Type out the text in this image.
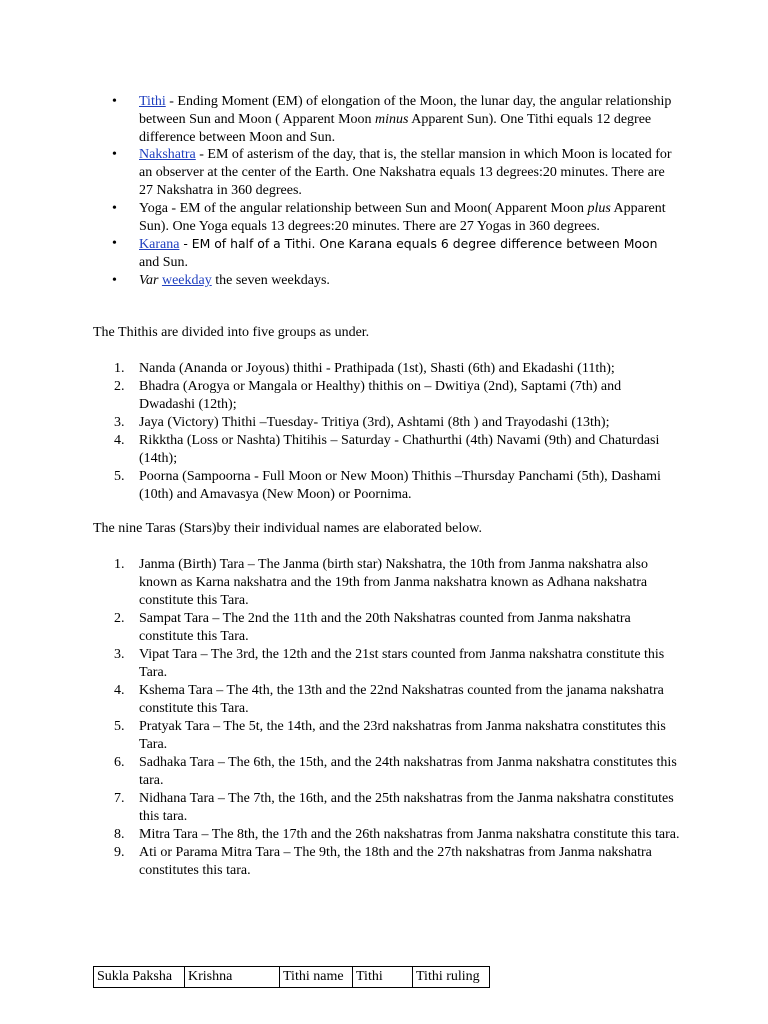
• Tithi - Ending Moment (EM) of elongation of the Moon, the lunar day, the angular relationship between Sun and Moon ( Apparent Moon minus Apparent Sun). One Tithi equals 12 degree difference between Moon and Sun.
• Nakshatra - EM of asterism of the day, that is, the stellar mansion in which Moon is located for an observer at the center of the Earth. One Nakshatra equals 13 degrees:20 minutes. There are 27 Nakshatra in 360 degrees.
• Yoga - EM of the angular relationship between Sun and Moon( Apparent Moon plus Apparent Sun). One Yoga equals 13 degrees:20 minutes. There are 27 Yogas in 360 degrees.
• Karana - EM of half of a Tithi. One Karana equals 6 degree difference between Moon
and Sun.
• Var weekday the seven weekdays.

The Thithis are divided into five groups as under.

1. Nanda (Ananda or Joyous) thithi - Prathipada (1st), Shasti (6th) and Ekadashi (11th);
2. Bhadra (Arogya or Mangala or Healthy) thithis on – Dwitiya (2nd), Saptami (7th) and Dwadashi (12th);
3. Jaya (Victory) Thithi –Tuesday- Tritiya (3rd), Ashtami (8th ) and Trayodashi (13th);
4. Rikktha (Loss or Nashta) Thitihis – Saturday - Chathurthi (4th) Navami (9th) and Chaturdasi (14th);
5. Poorna (Sampoorna - Full Moon or New Moon) Thithis –Thursday Panchami (5th), Dashami (10th) and Amavasya (New Moon) or Poornima.

The nine Taras (Stars)by their individual names are elaborated below.

1. Janma (Birth) Tara – The Janma (birth star) Nakshatra, the 10th from Janma nakshatra also known as Karna nakshatra and the 19th from Janma nakshatra known as Adhana nakshatra constitute this Tara.
2. Sampat Tara – The 2nd the 11th and the 20th Nakshatras counted from Janma nakshatra constitute this Tara.
3. Vipat Tara – The 3rd, the 12th and the 21st stars counted from Janma nakshatra constitute this Tara.
4. Kshema Tara – The 4th, the 13th and the 22nd Nakshatras counted from the janama nakshatra constitute this Tara.
5. Pratyak Tara – The 5t, the 14th, and the 23rd nakshatras from Janma nakshatra constitutes this Tara.
6. Sadhaka Tara – The 6th, the 15th, and the 24th nakshatras from Janma nakshatra constitutes this tara.
7. Nidhana Tara – The 7th, the 16th, and the 25th nakshatras from the Janma nakshatra constitutes this tara.
8. Mitra Tara – The 8th, the 17th and the 26th nakshatras from Janma nakshatra constitute this tara.
9. Ati or Parama Mitra Tara – The 9th, the 18th and the 27th nakshatras from Janma nakshatra constitutes this tara.
Sukla Paksha	Krishna	Tithi name	Tithi	Tithi ruling
